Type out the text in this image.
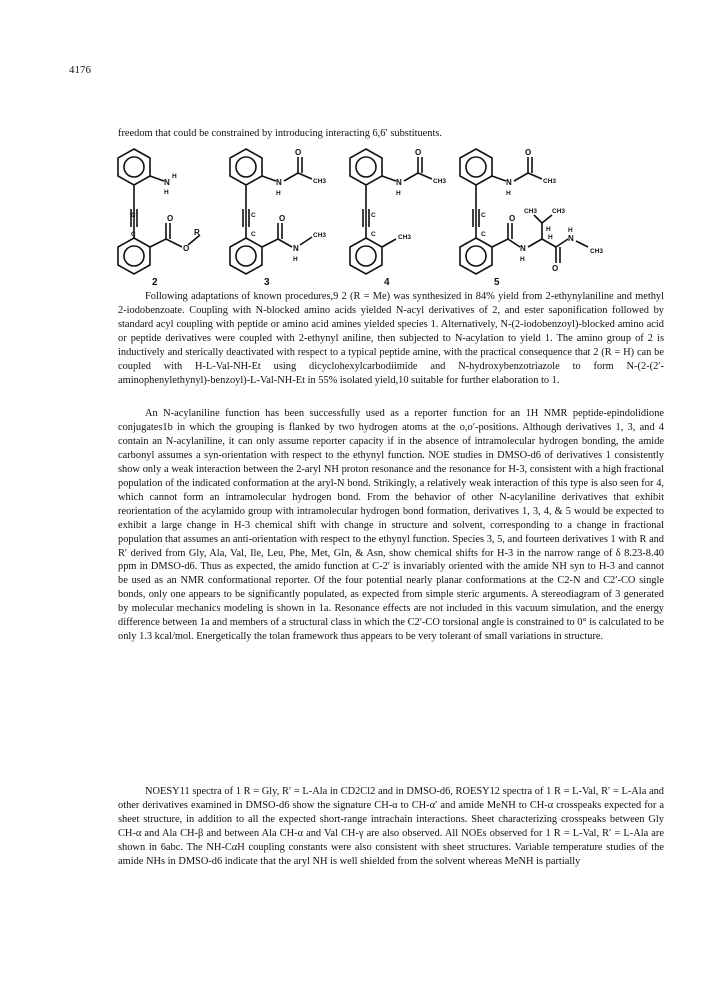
4176
freedom that could be constrained by introducing interacting 6,6′ substituents.
N
H
H
C
C
O
O
R
2
N
H
O
CH3
C
C
O
N
H
CH3
3
N
H
O
CH3
C
C	CH3
4
N
H
O
CH3
C
C
O
N
H
CH3 CH3
H
H
O
N
H
CH3
5
Following adaptations of known procedures,9 2 (R = Me) was synthesized in 84% yield from 2-ethynylaniline and methyl 2-iodobenzoate. Coupling with N-blocked amino acids yielded N-acyl derivatives of 2, and ester saponification followed by standard acyl coupling with peptide or amino acid amines yielded species 1. Alternatively, N-(2-iodobenzoyl)-blocked amino acid or peptide derivatives were coupled with 2-ethynyl aniline, then subjected to N-acylation to yield 1. The amino group of 2 is inductively and sterically deactivated with respect to a typical peptide amine, with the practical consequence that 2 (R = H) can be coupled with H-L-Val-NH-Et using dicyclohexylcarbodiimide and N-hydroxybenzotriazole to form N-(2-(2′-aminophenylethynyl)-benzoyl)-L-Val-NH-Et in 55% isolated yield,10 suitable for further elaboration to 1.
An N-acylaniline function has been successfully used as a reporter function for an 1H NMR peptide-epindolidione conjugates1b in which the grouping is flanked by two hydrogen atoms at the o,o′-positions. Although derivatives 1, 3, and 4 contain an N-acylaniline, it can only assume reporter capacity if in the absence of intramolecular hydrogen bonding, the amide carbonyl assumes a syn-orientation with respect to the ethynyl function. NOE studies in DMSO-d6 of derivatives 1 consistently show only a weak interaction between the 2-aryl NH proton resonance and the resonance for H-3, consistent with a high fractional population of the indicated conformation at the aryl-N bond. Strikingly, a relatively weak interaction of this type is also seen for 4, which cannot form an intramolecular hydrogen bond. From the behavior of other N-acylaniline derivatives that exhibit reorientation of the acylamido group with intramolecular hydrogen bond formation, derivatives 1, 3, 4, & 5 would be expected to exhibit a large change in H-3 chemical shift with change in structure and solvent, corresponding to a change in fractional population that assumes an anti-orientation with respect to the ethynyl function. Species 3, 5, and fourteen derivatives 1 with R and R′ derived from Gly, Ala, Val, Ile, Leu, Phe, Met, Gln, & Asn, show chemical shifts for H-3 in the narrow range of δ 8.23-8.40 ppm in DMSO-d6. Thus as expected, the amido function at C-2′ is invariably oriented with the amide NH syn to H-3 and cannot be used as an NMR conformational reporter. Of the four potential nearly planar conformations at the C2-N and C2′-CO single bonds, only one appears to be significantly populated, as expected from simple steric arguments. A stereodiagram of 3 generated by molecular mechanics modeling is shown in 1a. Resonance effects are not included in this vacuum simulation, and the energy difference between 1a and members of a structural class in which the C2′-CO torsional angle is constrained to 0° is calculated to be only 1.3 kcal/mol. Energetically the tolan framework thus appears to be very tolerant of small variations in structure.
NOESY11 spectra of 1 R = Gly, R′ = L-Ala in CD2Cl2 and in DMSO-d6, ROESY12 spectra of 1 R = L-Val, R′ = L-Ala and other derivatives examined in DMSO-d6 show the signature CH-α to CH-α′ and amide MeNH to CH-α crosspeaks expected for a sheet structure, in addition to all the expected short-range intrachain interactions. Sheet characterizing crosspeaks between Gly CH-α and Ala CH-β and between Ala CH-α and Val CH-γ are also observed. All NOEs observed for 1 R = L-Val, R′ = L-Ala are shown in 6abc. The NH-CαH coupling constants were also consistent with sheet structures. Variable temperature studies of the amide NHs in DMSO-d6 indicate that the aryl NH is well shielded from the solvent whereas MeNH is partially
